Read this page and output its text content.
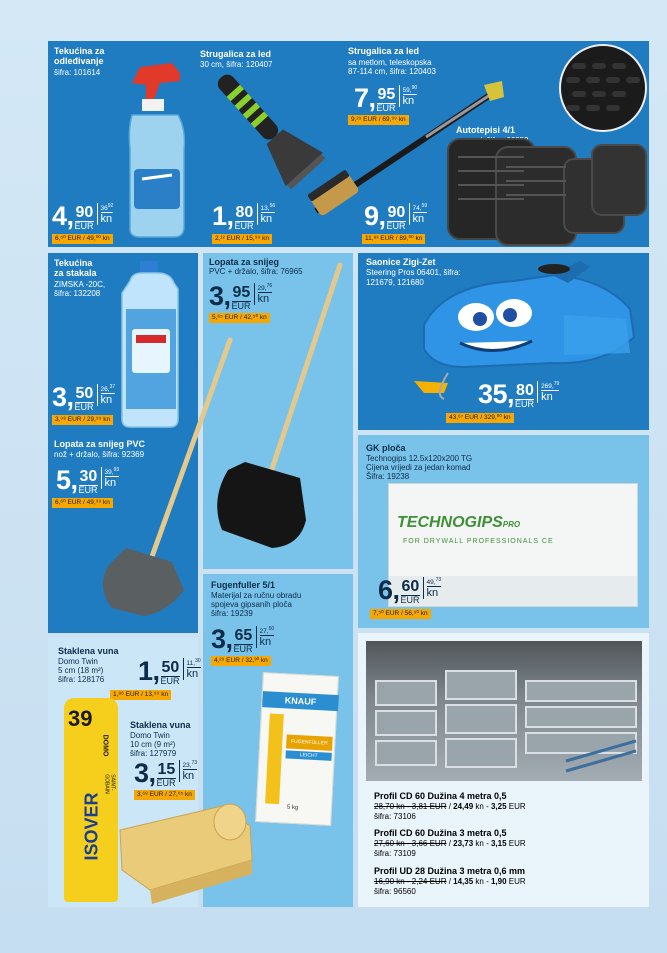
Tekućina za
odleđivanje
šifra: 101614
4, 90
EUR
$36^{92}$
kn
6,⁵⁰ EUR / 49,⁰⁰ kn
Strugalica za led
30 cm, šifra: 120407
1, 80
EUR
13,56
kn
2,¹² EUR / 15,⁹⁹ kn
Strugalica za led
sa metlom, teleskopska
87-114 cm, šifra: 120403
7, 95
EUR
59,90
kn
9,²⁹ EUR / 69,⁹⁹ kn
Autotepisi 4/1
9, 90
EUR
74,59
kn
11,⁸³ EUR / 89,⁰⁰ kn
Tekućina
za stakala
ZIMSKA -20C,
šifra: 132208
3, 50
EUR
26,37
kn
3,⁹⁸ EUR / 29,⁹⁹ kn
Lopata za snijeg PVC
nož + držalo, šifra: 92369
5, 30
EUR
39,93
kn
6,⁶⁰ EUR / 49,⁹⁹ kn
Lopata za snijeg
PVC + držalo, šifra: 76965
3, 95
EUR
29,76
kn
5,⁶⁵ EUR / 42,⁵⁰ kn
Saonice Zigi-Zet
Steering Pros 06401, šifra:
121679, 121680
35, 80
EUR
269,79
kn
43,⁶⁷ EUR / 329,⁰⁰ kn
GK ploča
Technogips 12.5x120x200 TG
Cijena vrijedi za jedan komad
Šifra: 19238
TECHNOGIPSPRO
FOR DRYWALL PROFESSIONALS CE
6, 60
EUR
49,73
kn
7,⁵⁰ EUR / 56,⁵⁰ kn
Fugenfuller 5/1
Materijal za ručnu obradu
spojeva gipsanih ploča
šifra: 19239
3, 65
EUR
27,50
kn
4,²⁹ EUR / 32,³⁰ kn
KNAUF
FUGENFÜLLER
LEICHT
5 kg
Staklena vuna
Domo Twin
5 cm (18 m²)
šifra: 128176 1, 50
EUR
11,30
kn
1,⁸⁶ EUR / 13,⁹⁹ kn
Staklena vuna
Domo Twin
10 cm (9 m²)
šifra: 127979
3, 15
EUR
23,73
kn
3,⁶⁸ EUR / 27,⁶⁵ kn
39
ISOVER
SAINT-GOBAIN
DOMO
Profil CD 60 Dužina 4 metra 0,5
28,70 kn - 3,81 EUR / 24,49 kn - 3,25 EUR
šifra: 73106
Profil CD 60 Dužina 3 metra 0,5
27,60 kn - 3,66 EUR / 23,73 kn - 3,15 EUR
šifra: 73109
Profil UD 28 Dužina 3 metra 0,6 mm
16,90 kn - 2,24 EUR / 14,35 kn - 1,90 EUR
šifra: 96560
